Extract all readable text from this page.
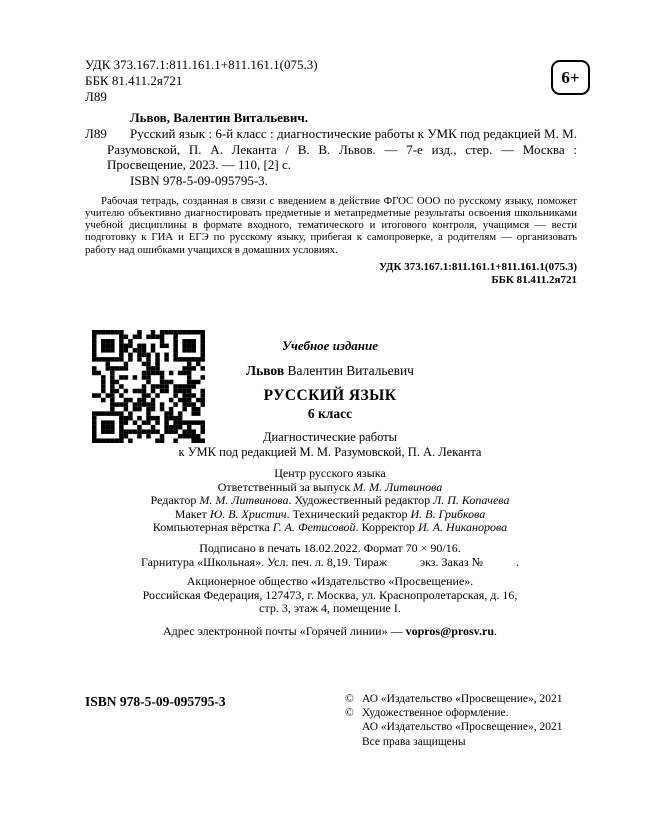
УДК 373.167.1:811.161.1+811.161.1(075.3)
ББК 81.411.2я721
Л89
6+
Львов, Валентин Витальевич.
Л89 Русский язык : 6-й класс : диагностические работы к УМК под редакцией М. М. Разумовской, П. А. Леканта / В. В. Львов. — 7-е изд., стер. — Москва : Просвещение, 2023. — 110, [2] с.
ISBN 978-5-09-095795-3.
Рабочая тетрадь, созданная в связи с введением в действие ФГОС ООО по русскому языку, поможет учителю объективно диагностировать предметные и метапредметные результаты освоения школьниками учебной дисциплины в формате входного, тематического и итогового контроля, учащимся — вести подготовку к ГИА и ЕГЭ по русскому языку, прибегая к самопроверке, а родителям — организовать работу над ошибками учащихся в домашних условиях.
УДК 373.167.1:811.161.1+811.161.1(075.3)
ББК 81.411.2я721
Учебное издание
Львов Валентин Витальевич
РУССКИЙ ЯЗЫК
6 класс
Диагностические работы
к УМК под редакцией М. М. Разумовской, П. А. Леканта
Центр русского языка
Ответственный за выпуск М. М. Литвинова
Редактор М. М. Литвинова. Художественный редактор Л. П. Копачева
Макет Ю. В. Христич. Технический редактор И. В. Грибкова
Компьютерная вёрстка Г. А. Фетисовой. Корректор И. А. Никанорова
Подписано в печать 18.02.2022. Формат 70 × 90/16.
Гарнитура «Школьная». Усл. печ. л. 8,19. Тираж           экз. Заказ №           .
Акционерное общество «Издательство «Просвещение».
Российская Федерация, 127473, г. Москва, ул. Краснопролетарская, д. 16,
стр. 3, этаж 4, помещение I.
Адрес электронной почты «Горячей линии» — vopros@prosv.ru.
ISBN 978-5-09-095795-3	© АО «Издательство «Просвещение», 2021
© Художественное оформление.
АО «Издательство «Просвещение», 2021
Все права защищены
